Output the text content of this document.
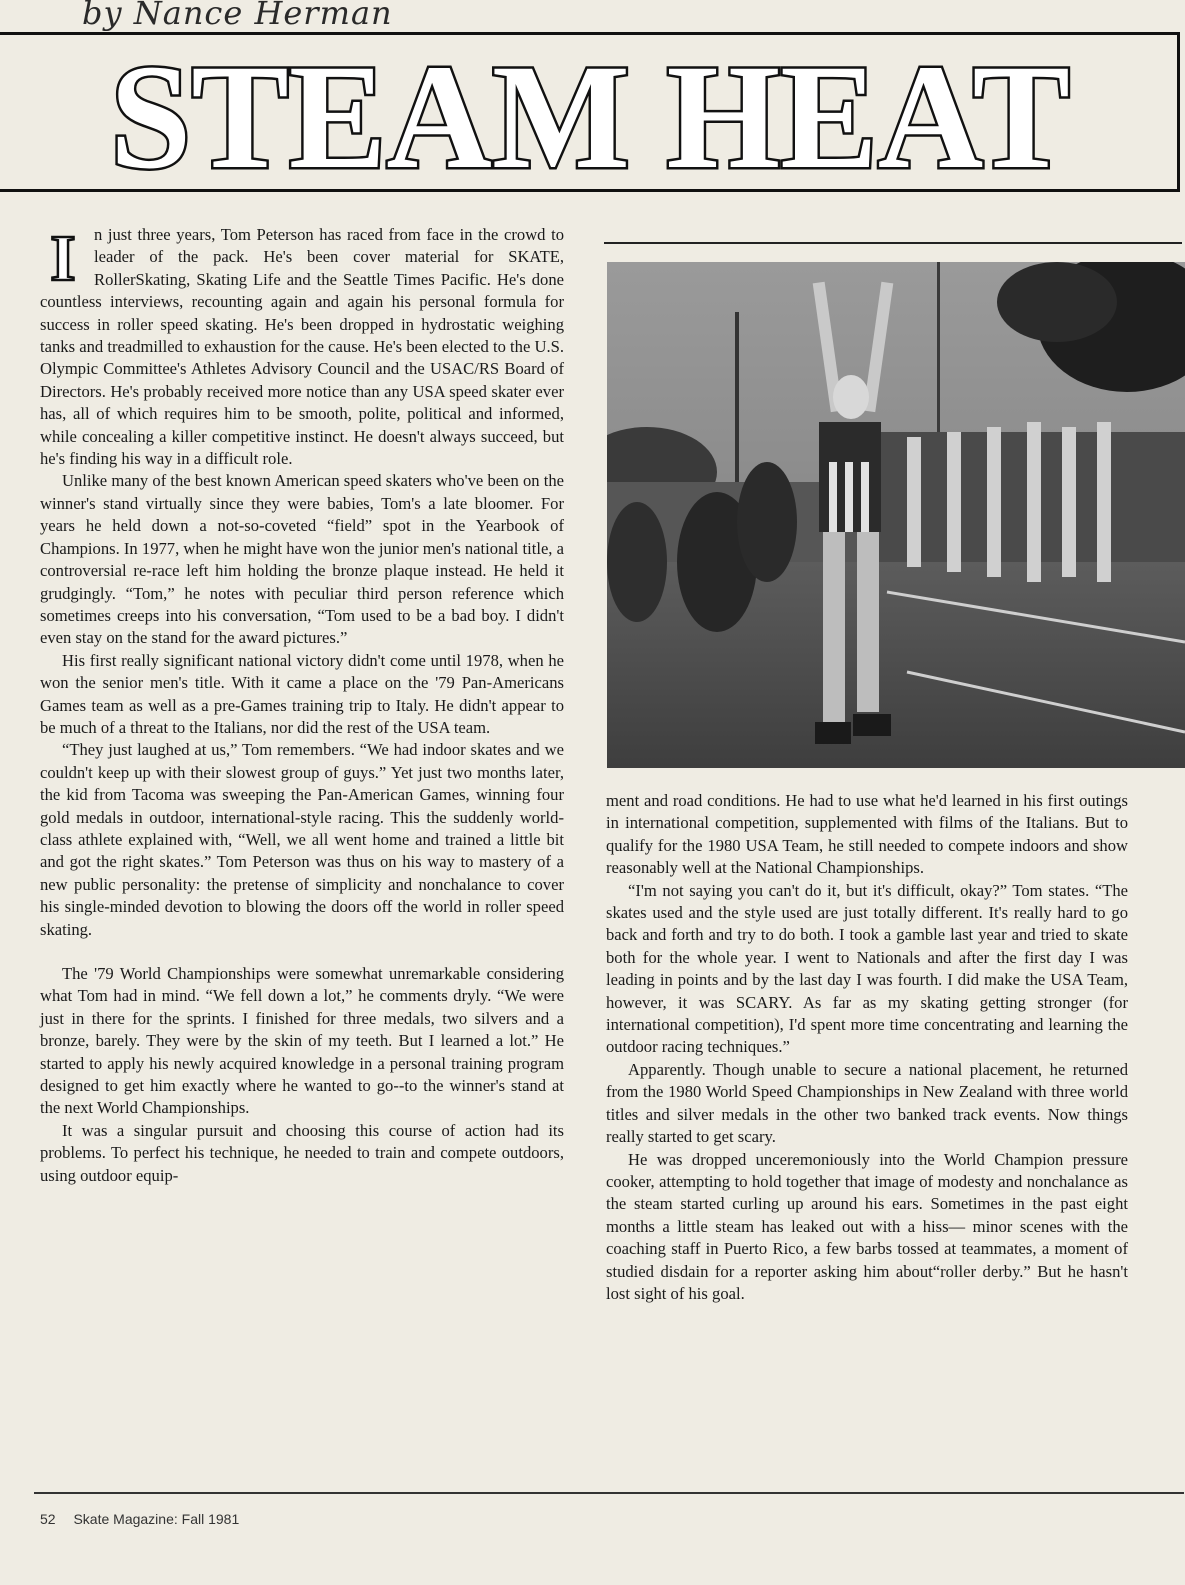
by Nance Herman
STEAM HEAT

I n just three years, Tom Peterson has raced from face in the crowd to leader of the pack. He's been cover material for SKATE, RollerSkating, Skating Life and the Seattle Times Pacific. He's done countless interviews, recounting again and again his personal formula for success in roller speed skating. He's been dropped in hydrostatic weighing tanks and treadmilled to exhaustion for the cause. He's been elected to the U.S. Olympic Committee's Athletes Advisory Council and the USAC/RS Board of Directors. He's probably received more notice than any USA speed skater ever has, all of which requires him to be smooth, polite, political and informed, while concealing a killer competitive instinct. He doesn't always succeed, but he's finding his way in a difficult role.

Unlike many of the best known American speed skaters who've been on the winner's stand virtually since they were babies, Tom's a late bloomer. For years he held down a not-so-coveted “field” spot in the Yearbook of Champions. In 1977, when he might have won the junior men's national title, a controversial re-race left him holding the bronze plaque instead. He held it grudgingly. “Tom,” he notes with peculiar third person reference which sometimes creeps into his conversation, “Tom used to be a bad boy. I didn't even stay on the stand for the award pictures.”

His first really significant national victory didn't come until 1978, when he won the senior men's title. With it came a place on the '79 Pan-Americans Games team as well as a pre-Games training trip to Italy. He didn't appear to be much of a threat to the Italians, nor did the rest of the USA team.

“They just laughed at us,” Tom remembers. “We had indoor skates and we couldn't keep up with their slowest group of guys.” Yet just two months later, the kid from Tacoma was sweeping the Pan-American Games, winning four gold medals in outdoor, international-style racing. This the suddenly world-class athlete explained with, “Well, we all went home and trained a little bit and got the right skates.” Tom Peterson was thus on his way to mastery of a new public personality: the pretense of simplicity and nonchalance to cover his single-minded devotion to blowing the doors off the world in roller speed skating.

The '79 World Championships were somewhat unremarkable considering what Tom had in mind. “We fell down a lot,” he comments dryly. “We were just in there for the sprints. I finished for three medals, two silvers and a bronze, barely. They were by the skin of my teeth. But I learned a lot.” He started to apply his newly acquired knowledge in a personal training program designed to get him exactly where he wanted to go--to the winner's stand at the next World Championships.

It was a singular pursuit and choosing this course of action had its problems. To perfect his technique, he needed to train and compete outdoors, using outdoor equip-

ment and road conditions. He had to use what he'd learned in his first outings in international competition, supplemented with films of the Italians. But to qualify for the 1980 USA Team, he still needed to compete indoors and show reasonably well at the National Championships.

“I'm not saying you can't do it, but it's difficult, okay?” Tom states. “The skates used and the style used are just totally different. It's really hard to go back and forth and try to do both. I took a gamble last year and tried to skate both for the whole year. I went to Nationals and after the first day I was leading in points and by the last day I was fourth. I did make the USA Team, however, it was SCARY. As far as my skating getting stronger (for international competition), I'd spent more time concentrating and learning the outdoor racing techniques.”

Apparently. Though unable to secure a national placement, he returned from the 1980 World Speed Championships in New Zealand with three world titles and silver medals in the other two banked track events. Now things really started to get scary.

He was dropped unceremoniously into the World Champion pressure cooker, attempting to hold together that image of modesty and nonchalance as the steam started curling up around his ears. Sometimes in the past eight months a little steam has leaked out with a hiss— minor scenes with the coaching staff in Puerto Rico, a few barbs tossed at teammates, a moment of studied disdain for a reporter asking him about“roller derby.” But he hasn't lost sight of his goal.

52 Skate Magazine: Fall 1981
